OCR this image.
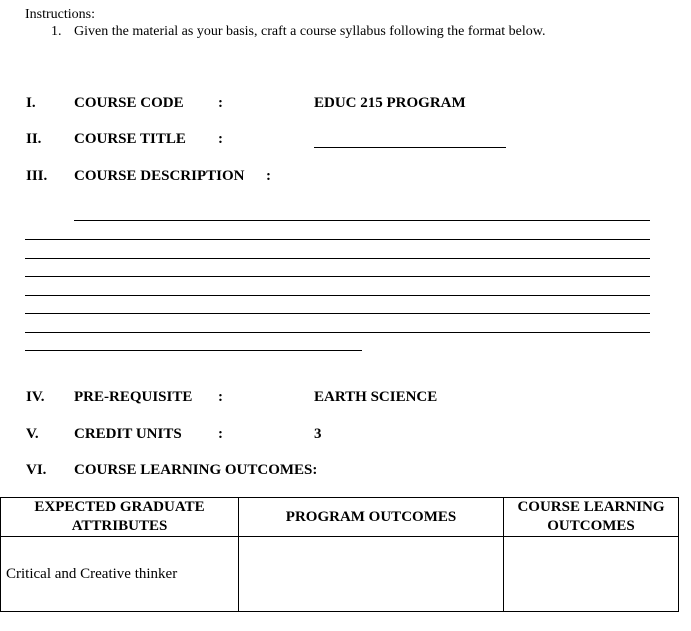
Instructions:
1. Given the material as your basis, craft a course syllabus following the format below.
I.	COURSE CODE :	EDUC 215 PROGRAM
II. COURSE TITLE :
III. COURSE DESCRIPTION :
IV. PRE-REQUISITE :	EARTH SCIENCE
V. CREDIT UNITS :	3
VI. COURSE LEARNING OUTCOMES:
EXPECTED GRADUATE ATTRIBUTES	PROGRAM OUTCOMES	COURSE LEARNING OUTCOMES
Critical and Creative thinker		
